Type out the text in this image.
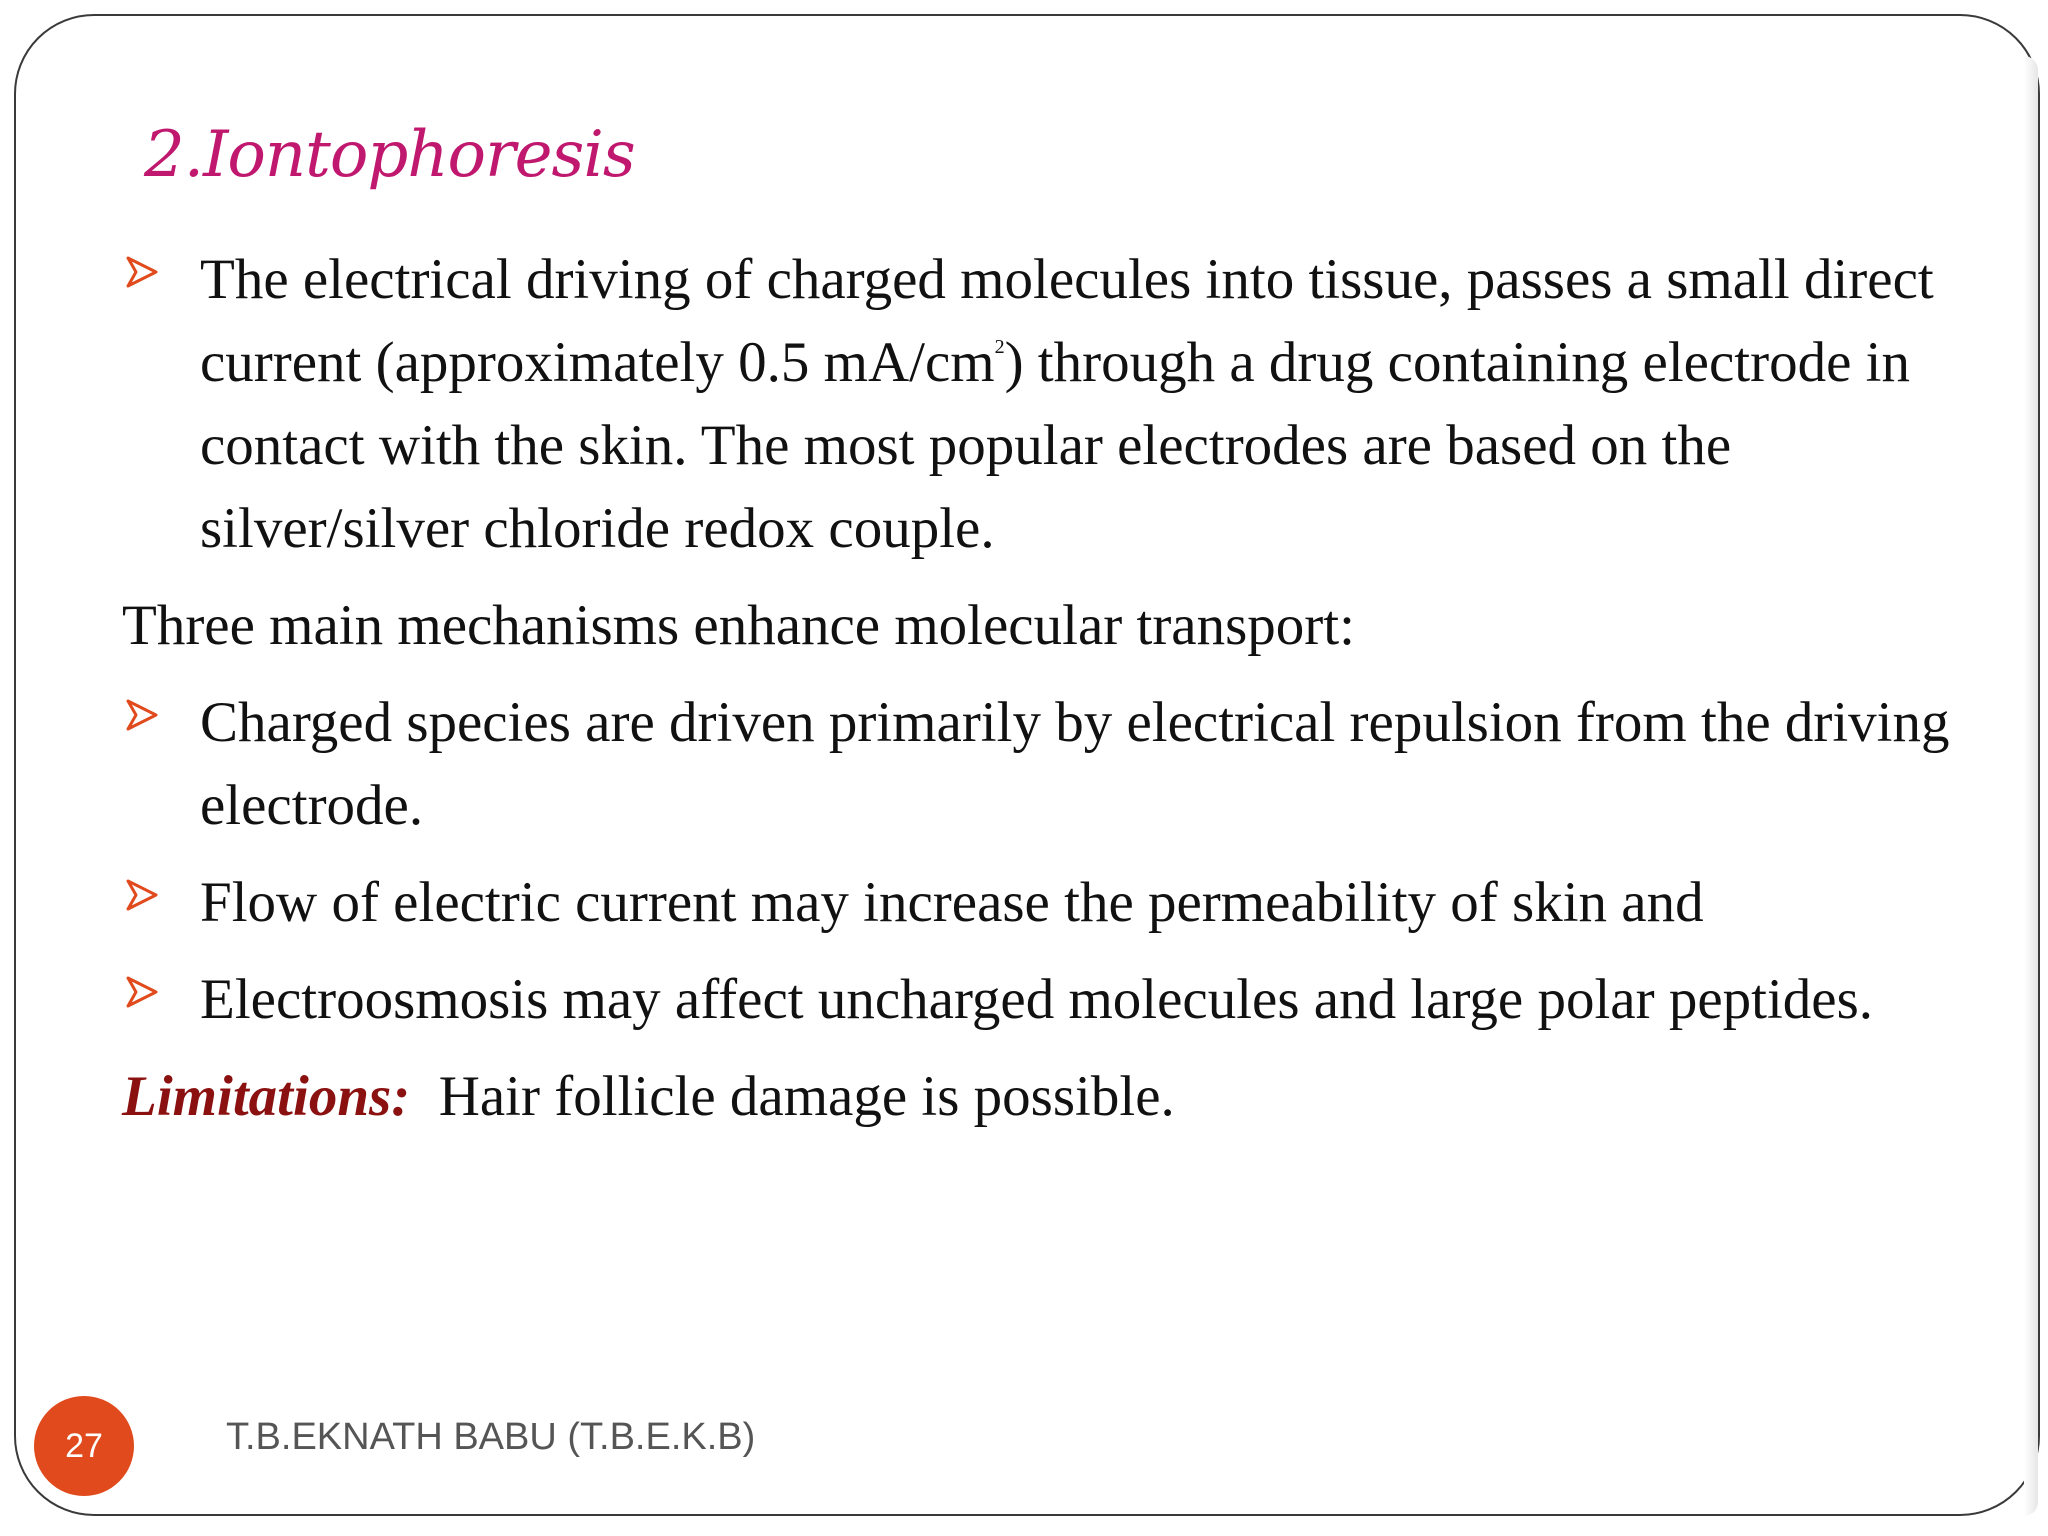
2.Iontophoresis
The electrical driving of charged molecules into tissue, passes a small direct current (approximately 0.5 $mA/cm^2$) through a drug containing electrode in contact with the skin. The most popular electrodes are based on the silver/silver chloride redox couple.
Three main mechanisms enhance molecular transport:
Charged species are driven primarily by electrical repulsion from the driving electrode.
Flow of electric current may increase the permeability of skin and
Electroosmosis may affect uncharged molecules and large polar peptides.
Limitations: Hair follicle damage is possible.
27	T.B.EKNATH BABU (T.B.E.K.B)
